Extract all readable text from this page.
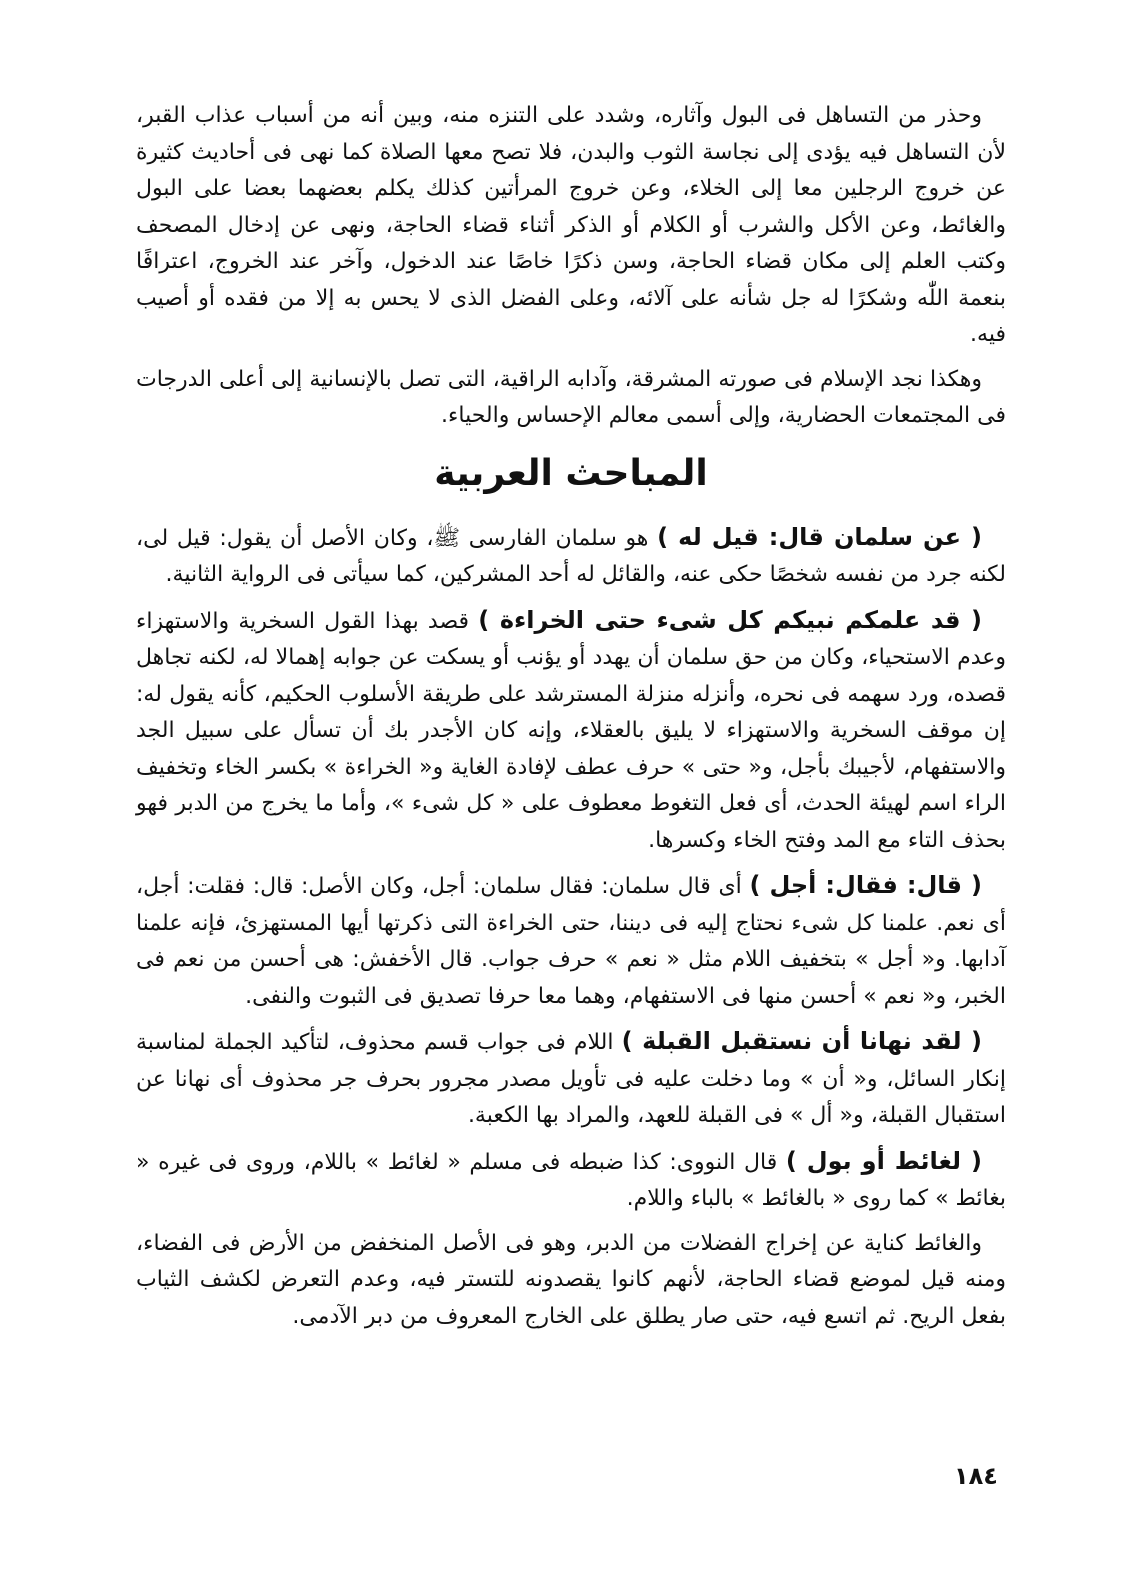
وحذر من التساهل فى البول وآثاره، وشدد على التنزه منه، وبين أنه من أسباب عذاب القبر، لأن التساهل فيه يؤدى إلى نجاسة الثوب والبدن، فلا تصح معها الصلاة كما نهى فى أحاديث كثيرة عن خروج الرجلين معا إلى الخلاء، وعن خروج المرأتين كذلك يكلم بعضهما بعضا على البول والغائط، وعن الأكل والشرب أو الكلام أو الذكر أثناء قضاء الحاجة، ونهى عن إدخال المصحف وكتب العلم إلى مكان قضاء الحاجة، وسن ذكرًا خاصًا عند الدخول، وآخر عند الخروج، اعترافًا بنعمة اللّٰه وشكرًا له جل شأنه على آلائه، وعلى الفضل الذى لا يحس به إلا من فقده أو أصيب فيه.

وهكذا نجد الإسلام فى صورته المشرقة، وآدابه الراقية، التى تصل بالإنسانية إلى أعلى الدرجات فى المجتمعات الحضارية، وإلى أسمى معالم الإحساس والحياء.

المباحث العربية

( عن سلمان قال: قيل له ) هو سلمان الفارسى ﷺ، وكان الأصل أن يقول: قيل لى، لكنه جرد من نفسه شخصًا حكى عنه، والقائل له أحد المشركين، كما سيأتى فى الرواية الثانية.

( قد علمكم نبيكم كل شىء حتى الخراءة ) قصد بهذا القول السخرية والاستهزاء وعدم الاستحياء، وكان من حق سلمان أن يهدد أو يؤنب أو يسكت عن جوابه إهمالا له، لكنه تجاهل قصده، ورد سهمه فى نحره، وأنزله منزلة المسترشد على طريقة الأسلوب الحكيم، كأنه يقول له: إن موقف السخرية والاستهزاء لا يليق بالعقلاء، وإنه كان الأجدر بك أن تسأل على سبيل الجد والاستفهام، لأجيبك بأجل، و« حتى » حرف عطف لإفادة الغاية و« الخراءة » بكسر الخاء وتخفيف الراء اسم لهيئة الحدث، أى فعل التغوط معطوف على « كل شىء »، وأما ما يخرج من الدبر فهو بحذف التاء مع المد وفتح الخاء وكسرها.

( قال: فقال: أجل ) أى قال سلمان: فقال سلمان: أجل، وكان الأصل: قال: فقلت: أجل، أى نعم. علمنا كل شىء نحتاج إليه فى ديننا، حتى الخراءة التى ذكرتها أيها المستهزئ، فإنه علمنا آدابها. و« أجل » بتخفيف اللام مثل « نعم » حرف جواب. قال الأخفش: هى أحسن من نعم فى الخبر، و« نعم » أحسن منها فى الاستفهام، وهما معا حرفا تصديق فى الثبوت والنفى.

( لقد نهانا أن نستقبل القبلة ) اللام فى جواب قسم محذوف، لتأكيد الجملة لمناسبة إنكار السائل، و« أن » وما دخلت عليه فى تأويل مصدر مجرور بحرف جر محذوف أى نهانا عن استقبال القبلة، و« أل » فى القبلة للعهد، والمراد بها الكعبة.

( لغائط أو بول ) قال النووى: كذا ضبطه فى مسلم « لغائط » باللام، وروى فى غيره « بغائط » كما روى « بالغائط » بالباء واللام.

والغائط كناية عن إخراج الفضلات من الدبر، وهو فى الأصل المنخفض من الأرض فى الفضاء، ومنه قيل لموضع قضاء الحاجة، لأنهم كانوا يقصدونه للتستر فيه، وعدم التعرض لكشف الثياب بفعل الريح. ثم اتسع فيه، حتى صار يطلق على الخارج المعروف من دبر الآدمى.

١٨٤
